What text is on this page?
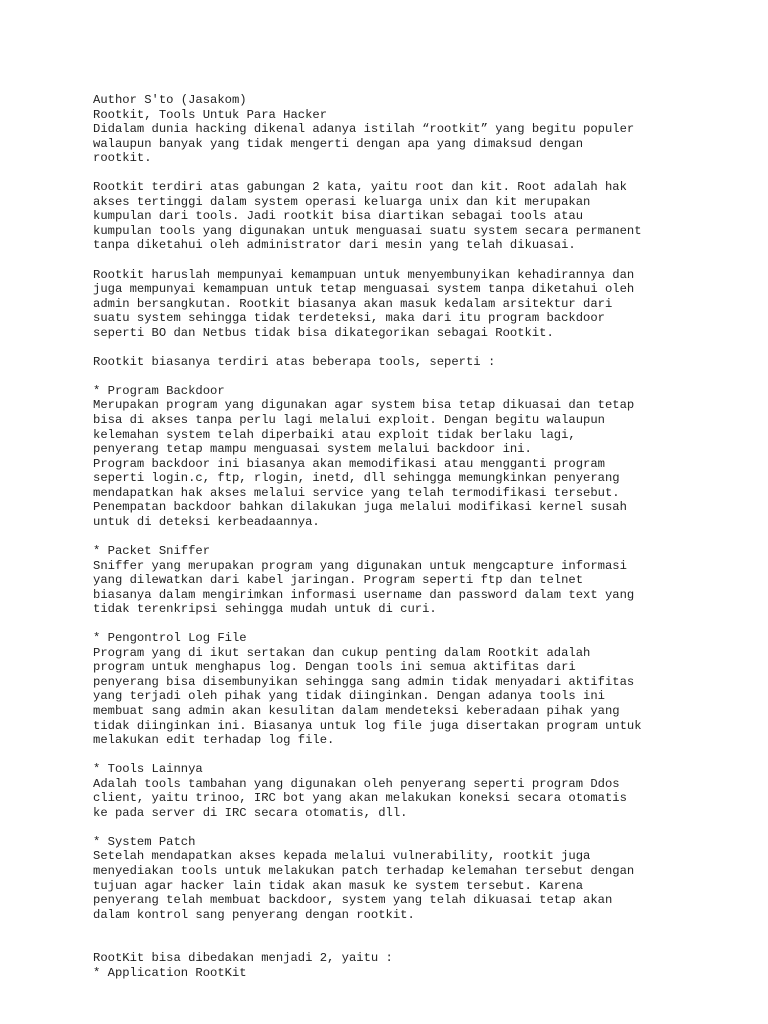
Author S'to (Jasakom)
Rootkit, Tools Untuk Para Hacker
Didalam dunia hacking dikenal adanya istilah “rootkit” yang begitu populer
walaupun banyak yang tidak mengerti dengan apa yang dimaksud dengan
rootkit.
Rootkit terdiri atas gabungan 2 kata, yaitu root dan kit. Root adalah hak
akses tertinggi dalam system operasi keluarga unix dan kit merupakan
kumpulan dari tools. Jadi rootkit bisa diartikan sebagai tools atau
kumpulan tools yang digunakan untuk menguasai suatu system secara permanent
tanpa diketahui oleh administrator dari mesin yang telah dikuasai.
Rootkit haruslah mempunyai kemampuan untuk menyembunyikan kehadirannya dan
juga mempunyai kemampuan untuk tetap menguasai system tanpa diketahui oleh
admin bersangkutan. Rootkit biasanya akan masuk kedalam arsitektur dari
suatu system sehingga tidak terdeteksi, maka dari itu program backdoor
seperti BO dan Netbus tidak bisa dikategorikan sebagai Rootkit.
Rootkit biasanya terdiri atas beberapa tools, seperti :
* Program Backdoor
Merupakan program yang digunakan agar system bisa tetap dikuasai dan tetap
bisa di akses tanpa perlu lagi melalui exploit. Dengan begitu walaupun
kelemahan system telah diperbaiki atau exploit tidak berlaku lagi,
penyerang tetap mampu menguasai system melalui backdoor ini.
Program backdoor ini biasanya akan memodifikasi atau mengganti program
seperti login.c, ftp, rlogin, inetd, dll sehingga memungkinkan penyerang
mendapatkan hak akses melalui service yang telah termodifikasi tersebut.
Penempatan backdoor bahkan dilakukan juga melalui modifikasi kernel susah
untuk di deteksi kerbeadaannya.
* Packet Sniffer
Sniffer yang merupakan program yang digunakan untuk mengcapture informasi
yang dilewatkan dari kabel jaringan. Program seperti ftp dan telnet
biasanya dalam mengirimkan informasi username dan password dalam text yang
tidak terenkripsi sehingga mudah untuk di curi.
* Pengontrol Log File
Program yang di ikut sertakan dan cukup penting dalam Rootkit adalah
program untuk menghapus log. Dengan tools ini semua aktifitas dari
penyerang bisa disembunyikan sehingga sang admin tidak menyadari aktifitas
yang terjadi oleh pihak yang tidak diinginkan. Dengan adanya tools ini
membuat sang admin akan kesulitan dalam mendeteksi keberadaan pihak yang
tidak diinginkan ini. Biasanya untuk log file juga disertakan program untuk
melakukan edit terhadap log file.
* Tools Lainnya
Adalah tools tambahan yang digunakan oleh penyerang seperti program Ddos
client, yaitu trinoo, IRC bot yang akan melakukan koneksi secara otomatis
ke pada server di IRC secara otomatis, dll.
* System Patch
Setelah mendapatkan akses kepada melalui vulnerability, rootkit juga
menyediakan tools untuk melakukan patch terhadap kelemahan tersebut dengan
tujuan agar hacker lain tidak akan masuk ke system tersebut. Karena
penyerang telah membuat backdoor, system yang telah dikuasai tetap akan
dalam kontrol sang penyerang dengan rootkit.
RootKit bisa dibedakan menjadi 2, yaitu :
* Application RootKit
